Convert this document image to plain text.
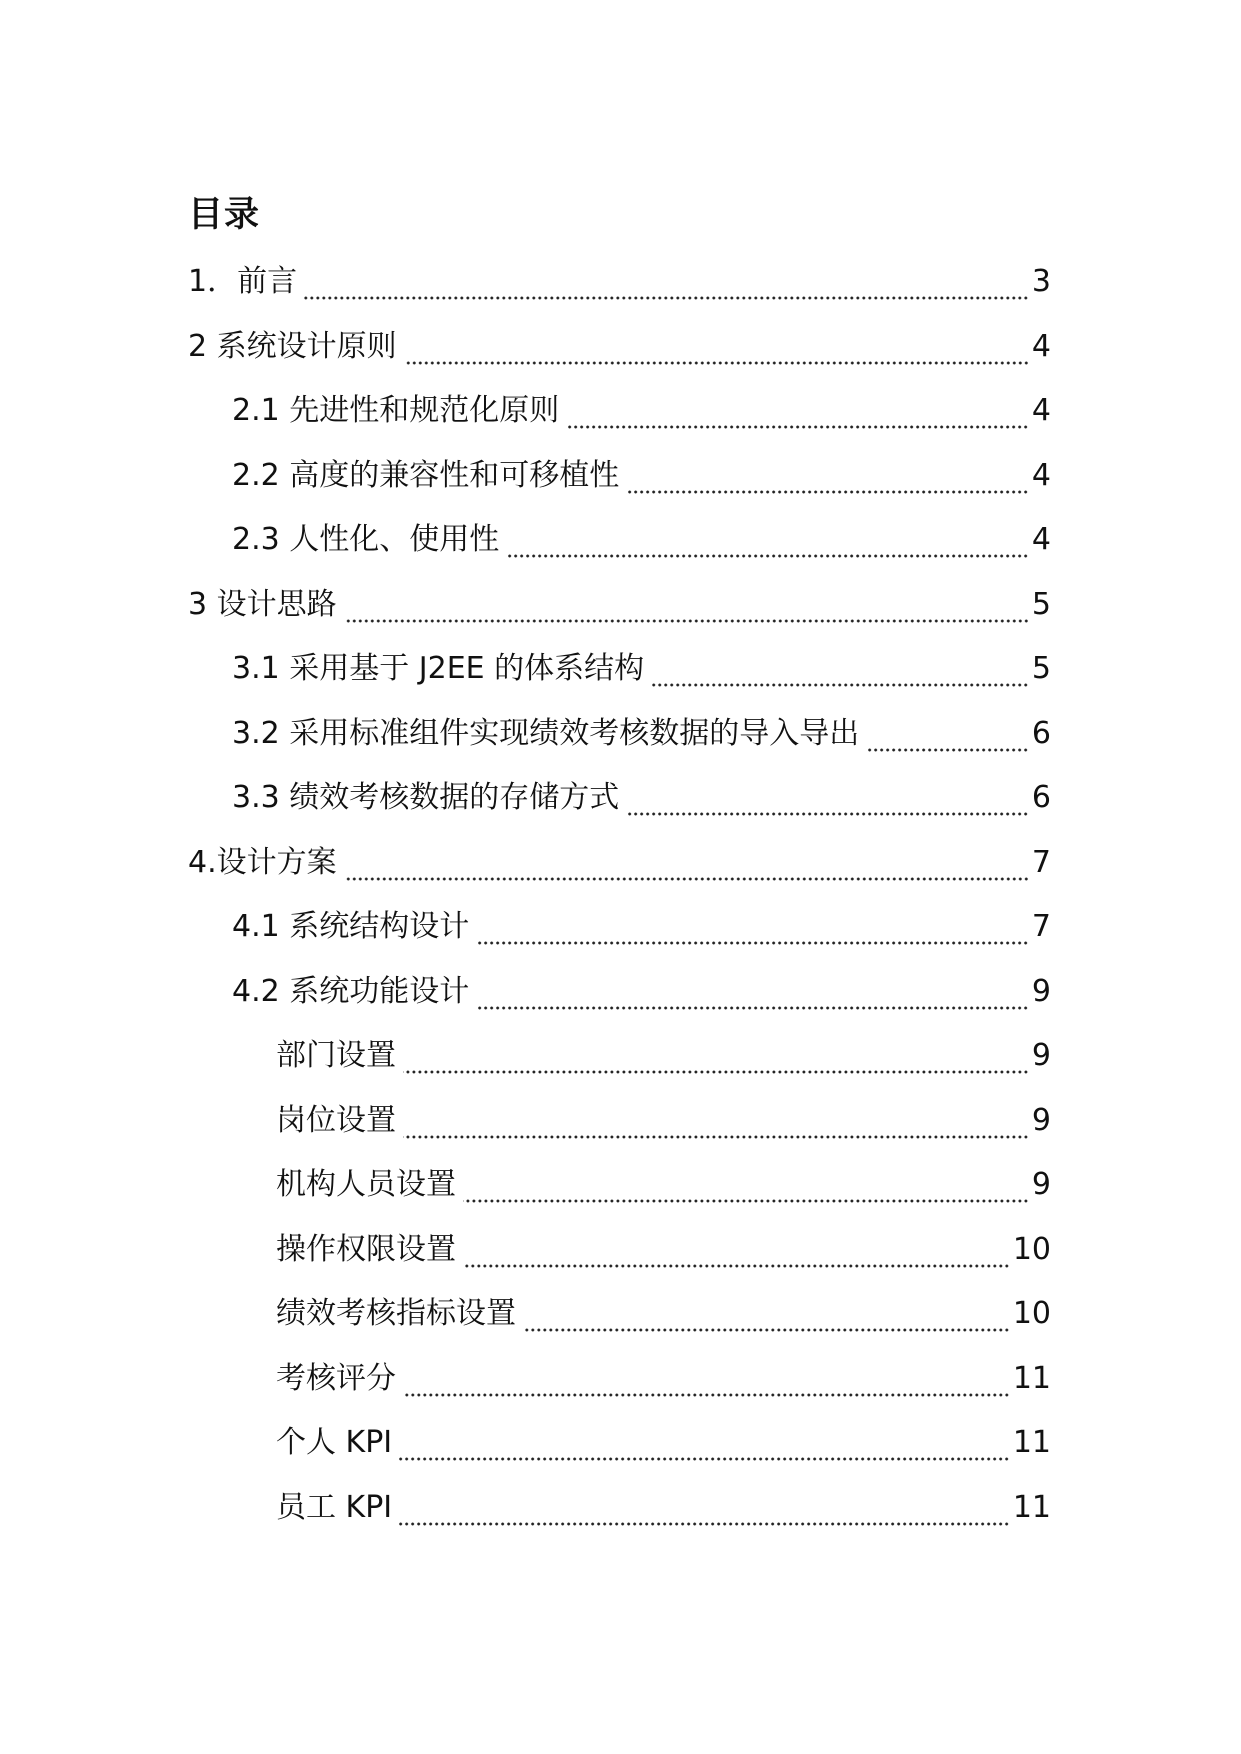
目录
1．前言	3
2 系统设计原则	4
2.1 先进性和规范化原则	4
2.2 高度的兼容性和可移植性	4
2.3 人性化、使用性	4
3 设计思路	5
3.1 采用基于 J2EE 的体系结构	5
3.2 采用标准组件实现绩效考核数据的导入导出	6
3.3 绩效考核数据的存储方式	6
4.设计方案	7
4.1 系统结构设计	7
4.2 系统功能设计	9
部门设置	9
岗位设置	9
机构人员设置	9
操作权限设置	10
绩效考核指标设置	10
考核评分	11
个人 KPI	11
员工 KPI	11
